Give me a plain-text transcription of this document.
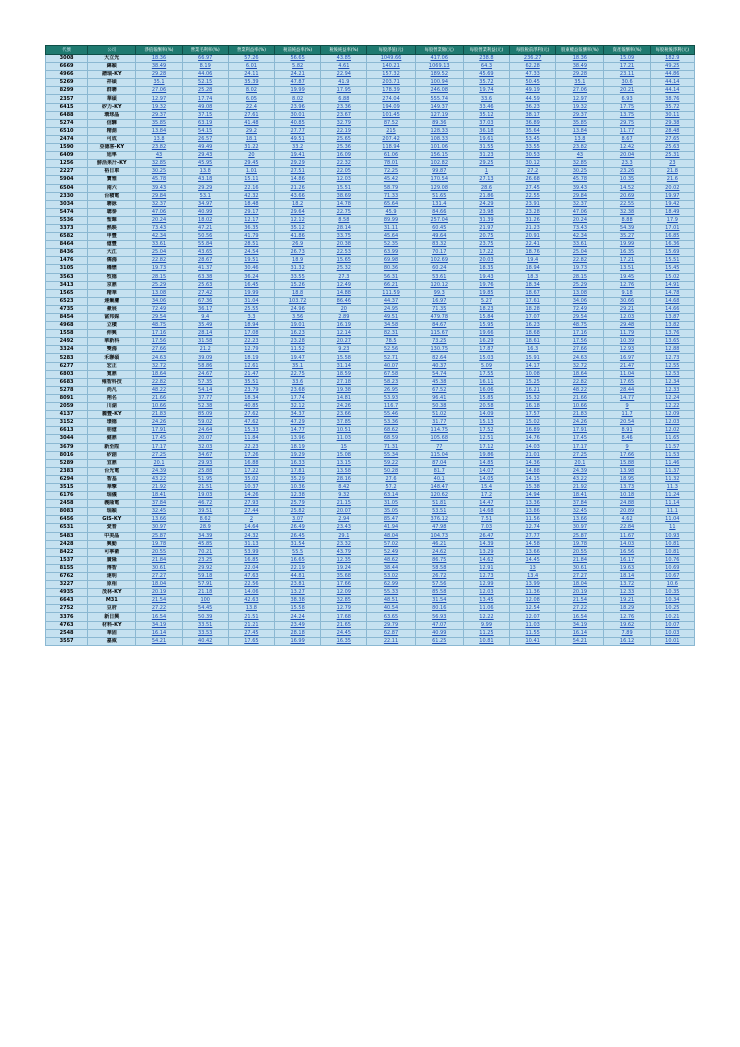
代號	公司	淨值報酬率(%)	營業毛利率(%)	營業利益率(%)	稅前純益率(%)	稅後純益率(%)	每股淨值(元)	每股營業額(元)	每股營業利益(元)	每股稅前淨利(元)	股東權益報酬率(%)	資產報酬率(%)	每股稅後淨利(元)
3008	大立光	18.36	66.97	57.26	56.65	43.85	1049.66	417.06	238.8	236.27	18.36	15.09	182.9
6669	緯穎	38.49	8.19	6.01	5.82	4.61	140.21	1069.13	64.3	62.28	38.49	17.21	49.25
4966	譜瑞-KY	29.28	44.06	24.11	24.21	22.94	157.32	189.52	45.69	47.33	29.28	23.11	44.86
5269	祥碩	35.1	52.15	35.39	47.87	41.9	203.71	100.94	35.72	50.45	35.1	30.6	44.14
8299	群聯	27.06	25.28	8.02	19.99	17.95	178.39	246.08	19.74	49.19	27.06	20.21	44.14
2357	華碩	12.97	17.74	6.05	8.02	6.88	274.04	555.74	33.6	44.59	12.97	6.93	38.76
6415	矽力-KY	19.32	49.08	22.4	23.96	23.36	194.09	149.37	33.46	36.23	19.32	17.75	35.72
6488	環球晶	29.37	37.15	27.61	30.01	23.67	101.45	127.19	35.12	38.17	29.37	13.75	30.11
5274	信驊	35.85	63.19	41.48	40.85	32.79	87.52	89.36	37.03	36.89	35.85	29.75	29.38
6510	精測	13.84	54.15	29.2	27.77	22.19	215	128.33	36.18	35.64	13.84	11.77	28.48
2474	可成	13.8	26.57	18.1	49.51	25.65	207.42	108.33	19.61	53.45	13.8	8.67	27.65
1590	亞德客-KY	23.82	49.49	31.22	33.2	25.36	118.94	101.06	31.55	33.55	23.82	12.42	25.63
6409	旭隼	43	29.43	20	19.41	16.09	61.06	156.15	31.23	30.53	43	20.04	25.31
1256	鮮活果汁-KY	32.85	45.95	29.45	29.29	22.32	78.01	102.82	29.25	30.12	32.85	23.3	23
2227	裕日車	30.25	13.8	1.01	27.51	22.05	72.25	99.87	1	27.2	30.25	23.26	21.8
5904	寶雅	45.78	43.18	15.11	14.86	12.03	45.42	170.54	27.13	26.68	45.78	10.35	21.6
6504	南六	39.43	29.29	22.16	21.26	15.51	58.79	129.08	28.6	27.45	39.43	14.52	20.02
2330	台積電	29.84	53.1	42.32	43.66	38.69	71.33	51.65	21.86	22.55	29.84	20.69	19.97
3034	聯詠	32.37	34.97	18.48	18.2	14.78	65.64	131.4	24.29	23.91	32.37	22.55	19.42
5474	聰泰	47.06	40.99	29.17	29.64	22.75	45.9	84.66	23.98	23.28	47.06	32.38	18.49
5536	聖暉	20.24	18.02	12.17	12.12	8.58	89.99	257.04	31.39	31.26	20.24	8.88	17.9
3373	熱映	73.43	47.21	36.35	35.12	28.14	31.11	60.45	21.97	21.23	73.43	54.39	17.01
6582	申豐	42.34	50.56	41.79	41.86	33.75	45.64	49.64	20.75	20.91	42.34	35.27	16.85
8464	億豐	33.61	55.84	28.51	26.9	20.38	52.35	83.32	23.75	22.41	33.61	19.99	16.36
8436	大江	25.04	43.65	24.54	26.73	22.53	63.99	70.17	17.22	18.76	25.04	16.35	15.69
1476	儒鴻	22.82	28.67	19.51	18.9	15.65	69.98	102.69	20.03	19.4	22.82	17.21	15.51
3105	穩懋	19.73	41.37	30.46	31.32	25.32	80.36	60.24	18.35	18.94	19.73	13.51	15.45
3563	牧德	28.15	63.38	36.24	33.55	27.3	56.31	53.61	19.43	18.3	28.15	19.45	15.02
3413	京鼎	25.29	25.63	16.45	15.26	12.49	66.21	120.12	19.76	18.34	25.29	12.76	14.91
1565	精華	13.08	27.42	19.99	18.8	14.88	111.59	99.3	19.85	18.67	13.08	9.18	14.78
6523	達爾膚	34.06	67.36	31.04	103.72	86.46	44.37	16.97	5.27	17.61	34.06	30.66	14.68
4735	豪展	72.49	36.17	25.55	24.96	20	24.95	71.35	18.23	18.28	72.49	29.21	14.66
8454	富邦媒	29.54	9.4	3.3	3.56	2.89	49.51	479.78	15.84	17.07	29.54	12.03	13.87
4968	立積	48.75	35.49	18.94	19.01	16.19	34.58	84.67	15.95	16.23	48.75	29.48	13.82
1558	伸興	17.16	28.14	17.08	16.23	12.14	82.31	115.67	19.66	18.68	17.16	11.79	13.76
2492	華新科	17.56	31.58	22.23	23.28	20.27	78.5	73.25	16.29	18.61	17.56	10.39	13.65
3324	雙鴻	27.66	21.2	12.79	11.52	9.23	52.56	130.75	17.87	16.3	27.66	12.93	12.88
5283	禾聯碩	24.63	39.09	18.19	19.47	15.58	52.71	82.64	15.03	15.91	24.63	16.97	12.73
6277	宏正	32.72	58.86	12.61	35.1	31.14	40.07	40.37	5.09	14.17	32.72	21.47	12.55
6803	寬鼎	18.64	24.67	21.47	22.75	18.59	67.58	54.74	17.55	10.08	18.64	11.04	12.53
6683	雍智科技	22.82	57.35	35.51	33.6	27.18	58.23	45.38	16.11	15.25	22.82	17.65	12.34
5278	尚凡	48.22	54.14	23.79	23.68	19.38	26.95	67.52	16.06	16.21	48.22	28.44	12.33
8091	翔名	21.66	37.77	18.34	17.74	14.81	53.93	96.41	15.85	15.32	21.66	14.77	12.24
2059	川湖	10.66	52.38	40.85	32.12	24.26	116.7	50.38	20.58	16.18	10.66	9	12.22
4137	麗豐-KY	21.83	85.09	27.62	34.37	23.66	55.46	51.02	14.09	17.57	21.83	11.7	12.09
3152	璟德	24.26	59.02	47.62	47.29	37.85	53.36	31.77	15.13	15.02	24.26	20.54	12.03
6613	朋億	17.91	24.64	15.33	14.77	10.51	68.62	114.75	17.52	16.89	17.91	8.91	12.02
3044	健鼎	17.45	20.07	11.84	13.96	11.03	68.59	105.68	12.51	14.76	17.45	8.46	11.65
3679	新至陞	17.17	32.03	22.23	18.19	15	71.31	77	17.12	14.03	17.17	9	11.57
8016	矽創	27.25	34.67	17.26	19.29	15.08	55.34	115.04	19.86	21.01	27.25	17.66	11.53
5289	宜鼎	20.1	29.93	16.88	16.33	13.15	59.22	87.04	14.85	14.36	20.1	15.88	11.46
2383	台光電	24.39	25.88	17.22	17.81	13.58	50.28	81.7	14.07	14.88	24.39	13.98	11.37
6294	智基	43.22	51.95	35.02	35.29	28.16	27.6	40.1	14.05	14.15	43.22	18.95	11.32
3515	華擎	21.92	21.51	10.37	10.36	8.42	57.2	148.47	15.4	15.38	21.92	13.73	11.3
6176	瑞儀	18.41	19.03	14.26	12.38	9.32	63.14	120.62	17.2	14.94	18.41	10.18	11.24
2458	義隆電	37.84	46.72	27.93	25.79	21.15	31.05	51.81	14.47	13.36	37.84	24.88	11.14
8083	瑞穎	32.45	39.51	27.44	25.82	20.07	35.05	53.51	14.68	13.86	32.45	20.89	11.1
6456	GIS-KY	13.66	8.62	2	3.07	2.94	85.47	376.12	7.51	11.56	13.66	4.62	11.04
6531	愛普	30.97	28.9	14.64	26.49	23.43	41.94	47.98	7.03	12.74	30.97	22.84	11
5483	中美晶	25.87	34.39	24.32	26.45	29.1	48.04	104.73	26.47	27.77	25.87	11.67	10.93
2428	興勤	19.78	45.85	31.13	31.54	23.32	57.02	46.21	14.39	14.58	19.78	14.03	10.81
8422	可寧衛	20.55	70.21	53.99	55.5	43.79	52.49	24.62	13.29	13.66	20.55	16.56	10.81
1537	廣隆	21.84	23.25	16.85	16.65	12.35	48.62	86.75	14.62	14.45	21.84	16.17	10.76
8155	博智	30.61	29.92	22.04	22.19	19.24	38.44	58.58	12.91	13	30.61	19.63	10.69
6762	達明	27.27	59.18	47.63	44.81	35.68	53.02	26.72	12.73	13.4	27.27	18.14	10.67
3227	原相	18.04	57.91	22.56	23.81	17.66	62.99	57.56	12.99	13.99	18.04	13.72	10.6
4935	茂林-KY	20.19	21.18	14.06	13.27	12.09	55.33	85.58	12.03	11.36	20.19	12.33	10.35
6643	M31	21.54	100	42.63	38.38	32.85	48.51	31.54	13.45	12.08	21.54	19.21	10.34
2752	豆府	27.22	54.45	13.8	15.58	12.79	40.54	80.16	11.06	12.54	27.22	18.29	10.25
3376	新日興	16.54	50.39	21.51	24.24	17.68	63.65	56.93	12.22	12.07	16.54	12.76	10.21
4763	材料-KY	34.19	33.51	21.21	23.49	21.65	29.79	47.07	9.99	11.03	34.19	19.62	10.07
2548	華固	16.14	33.53	27.45	28.18	24.45	62.87	40.99	11.25	11.55	16.14	7.89	10.03
3557	嘉威	54.21	40.42	17.65	16.99	16.35	22.11	61.25	10.81	10.41	54.21	16.12	10.01
